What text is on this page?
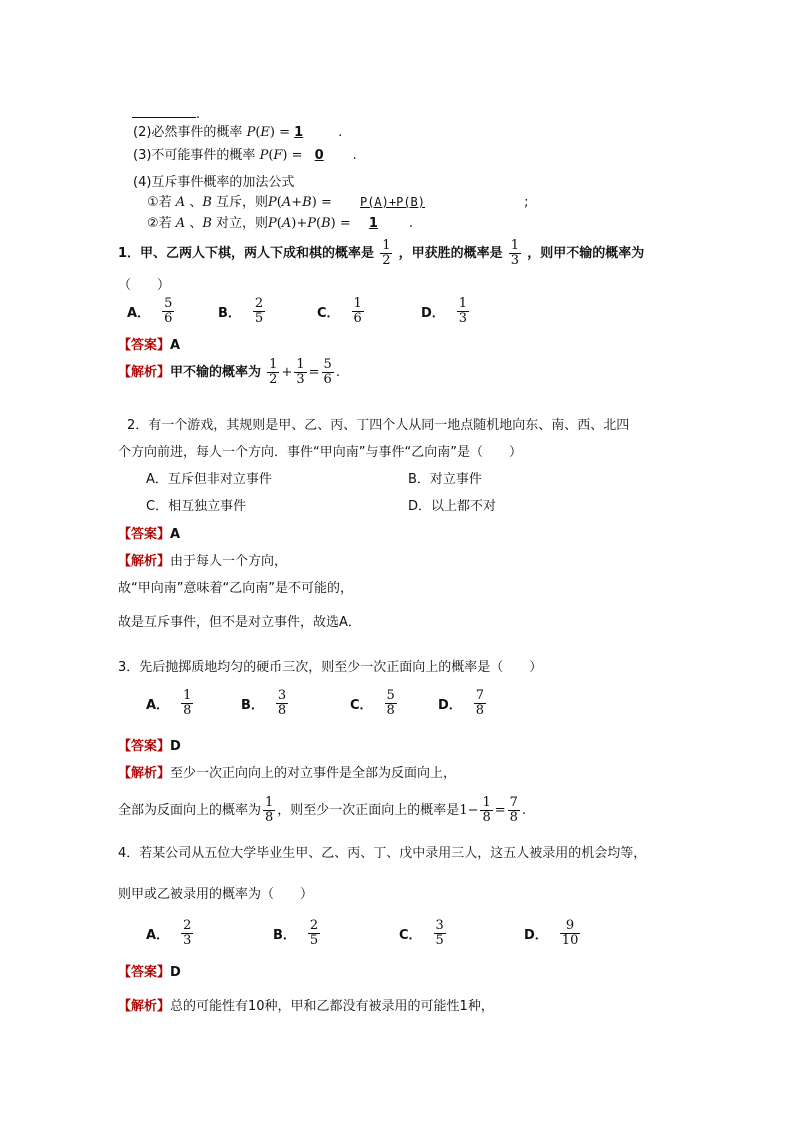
.
(2)必然事件的概率 P(E) = 1	.
(3)不可能事件的概率 P(F) = 0 .
(4)互斥事件概率的加法公式
①若 A 、B 互斥，则P(A+B) = P(A)+P(B)	;
②若 A 、B 对立，则P(A)+P(B) = 1 .
1．甲、乙两人下棋，两人下成和棋的概率是 $\frac{1}{2}$ ，甲获胜的概率是 $\frac{1}{3}$ ，则甲不输的概率为
（　　）
A． $\frac{5}{6}$	B． $\frac{2}{5}$	C． $\frac{1}{6}$	D． $\frac{1}{3}$
【答案】A
【解析】甲不输的概率为 $\frac{1}{2} + \frac{1}{3} = \frac{5}{6}$ .
2．有一个游戏，其规则是甲、乙、丙、丁四个人从同一地点随机地向东、南、西、北四
个方向前进，每人一个方向．事件“甲向南”与事件“乙向南”是（　　）
A．互斥但非对立事件	B．对立事件
C．相互独立事件	D．以上都不对
【答案】A
【解析】由于每人一个方向，
故“甲向南”意味着“乙向南”是不可能的，
故是互斥事件，但不是对立事件，故选A．
3．先后抛掷质地均匀的硬币三次，则至少一次正面向上的概率是（　　）
A． $\frac{1}{8}$	B． $\frac{3}{8}$	C． $\frac{5}{8}$	D． $\frac{7}{8}$
【答案】D
【解析】至少一次正向向上的对立事件是全部为反面向上，
全部为反面向上的概率为 $\frac{1}{8}$ ，则至少一次正面向上的概率是$1- \frac{1}{8} = \frac{7}{8}$ .
4．若某公司从五位大学毕业生甲、乙、丙、丁、戊中录用三人，这五人被录用的机会均等，
则甲或乙被录用的概率为（　　）
A． $\frac{2}{3}$	B． $\frac{2}{5}$	C． $\frac{3}{5}$	D． $\frac{9}{10}$
【答案】D
【解析】总的可能性有10种，甲和乙都没有被录用的可能性1种，
